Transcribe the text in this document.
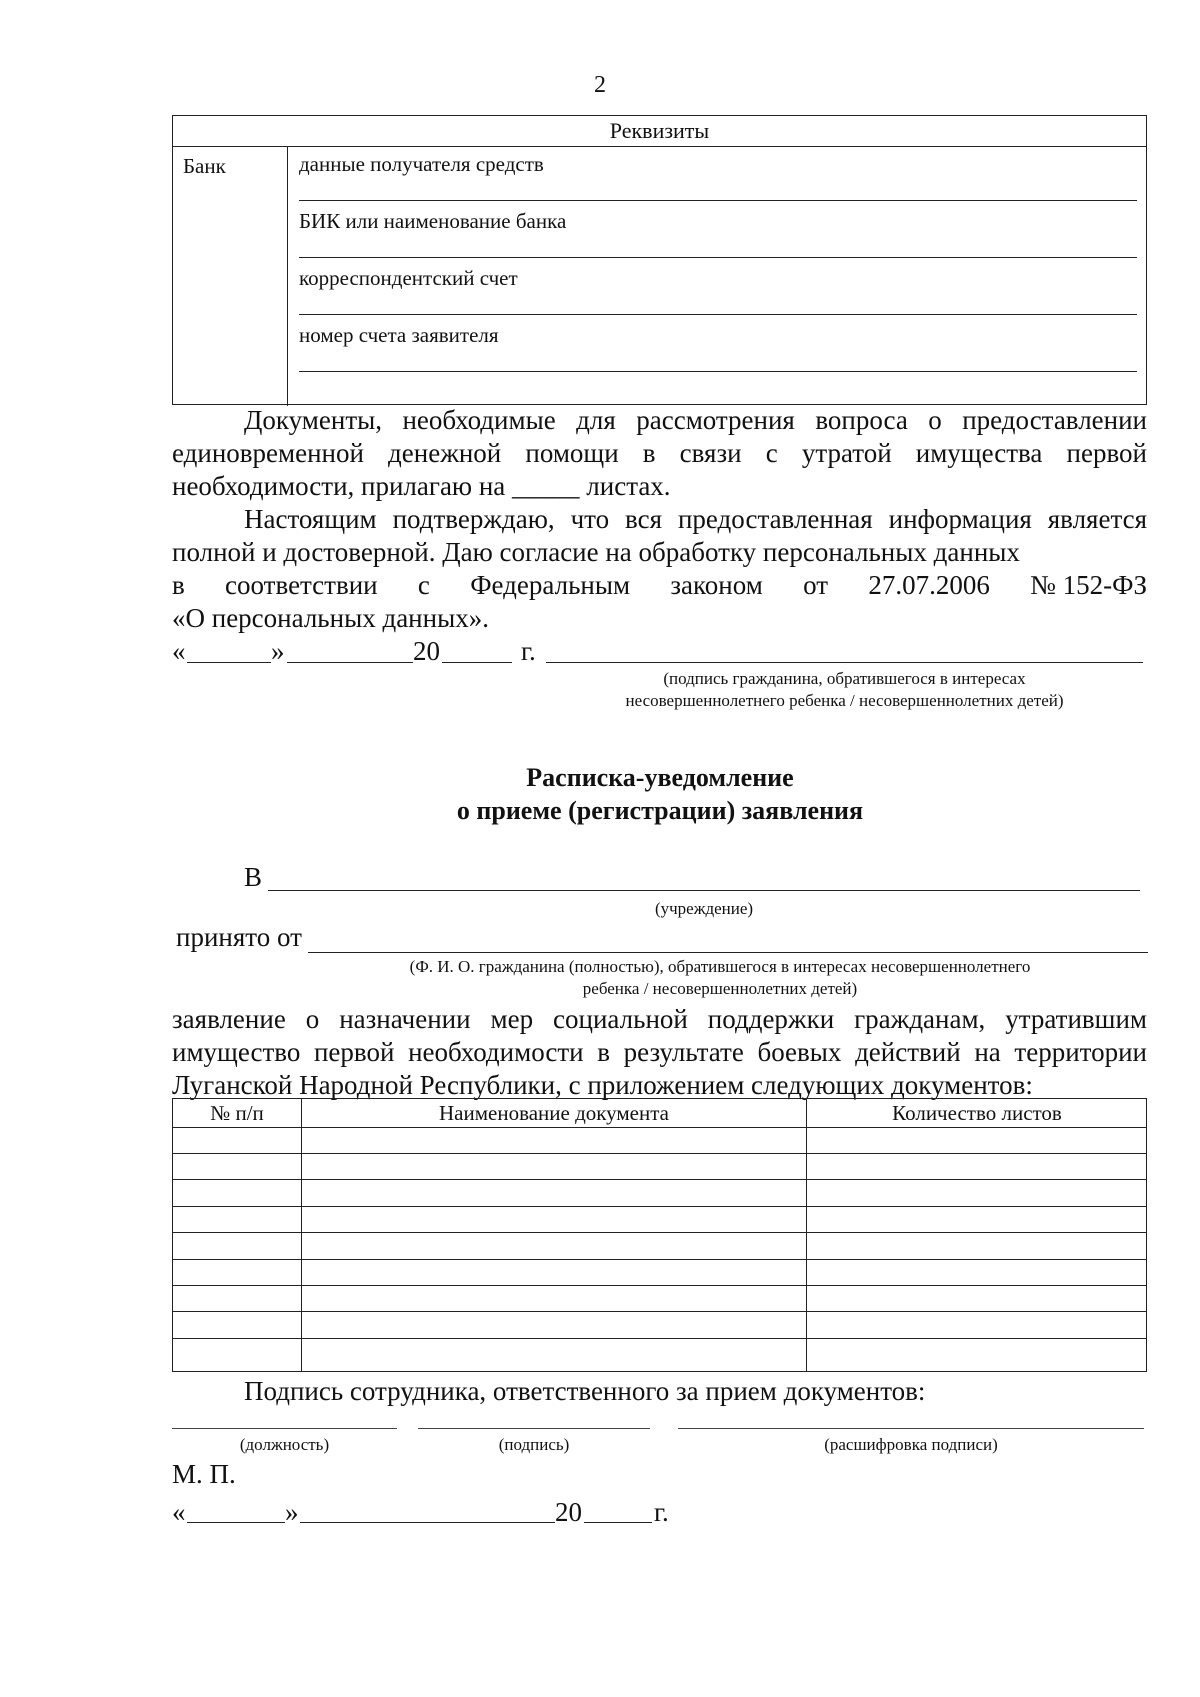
2
Реквизиты
Банк	данные получателя средств
БИК или наименование банка
корреспондентский счет
номер счета заявителя
Документы, необходимые для рассмотрения вопроса о предоставлении единовременной денежной помощи в связи с утратой имущества первой необходимости, прилагаю на _____ листах.
Настоящим подтверждаю, что вся предоставленная информация является полной и достоверной. Даю согласие на обработку персональных данных
в соответствии с Федеральным законом от 27.07.2006 № 152-ФЗ
«О персональных данных».
«	»	20	г.
(подпись гражданина, обратившегося в интересах
несовершеннолетнего ребенка / несовершеннолетних детей)
Расписка-уведомление
о приеме (регистрации) заявления
В
(учреждение)
принято от
(Ф. И. О. гражданина (полностью), обратившегося в интересах несовершеннолетнего
ребенка / несовершеннолетних детей)
заявление о назначении мер социальной поддержки гражданам, утратившим
имущество первой необходимости в результате боевых действий на территории
Луганской Народной Республики, с приложением следующих документов:
№ п/п	Наименование документа	Количество листов
Подпись сотрудника, ответственного за прием документов:
(должность)	(подпись)	(расшифровка подписи)
М. П.
«	»	20	г.
